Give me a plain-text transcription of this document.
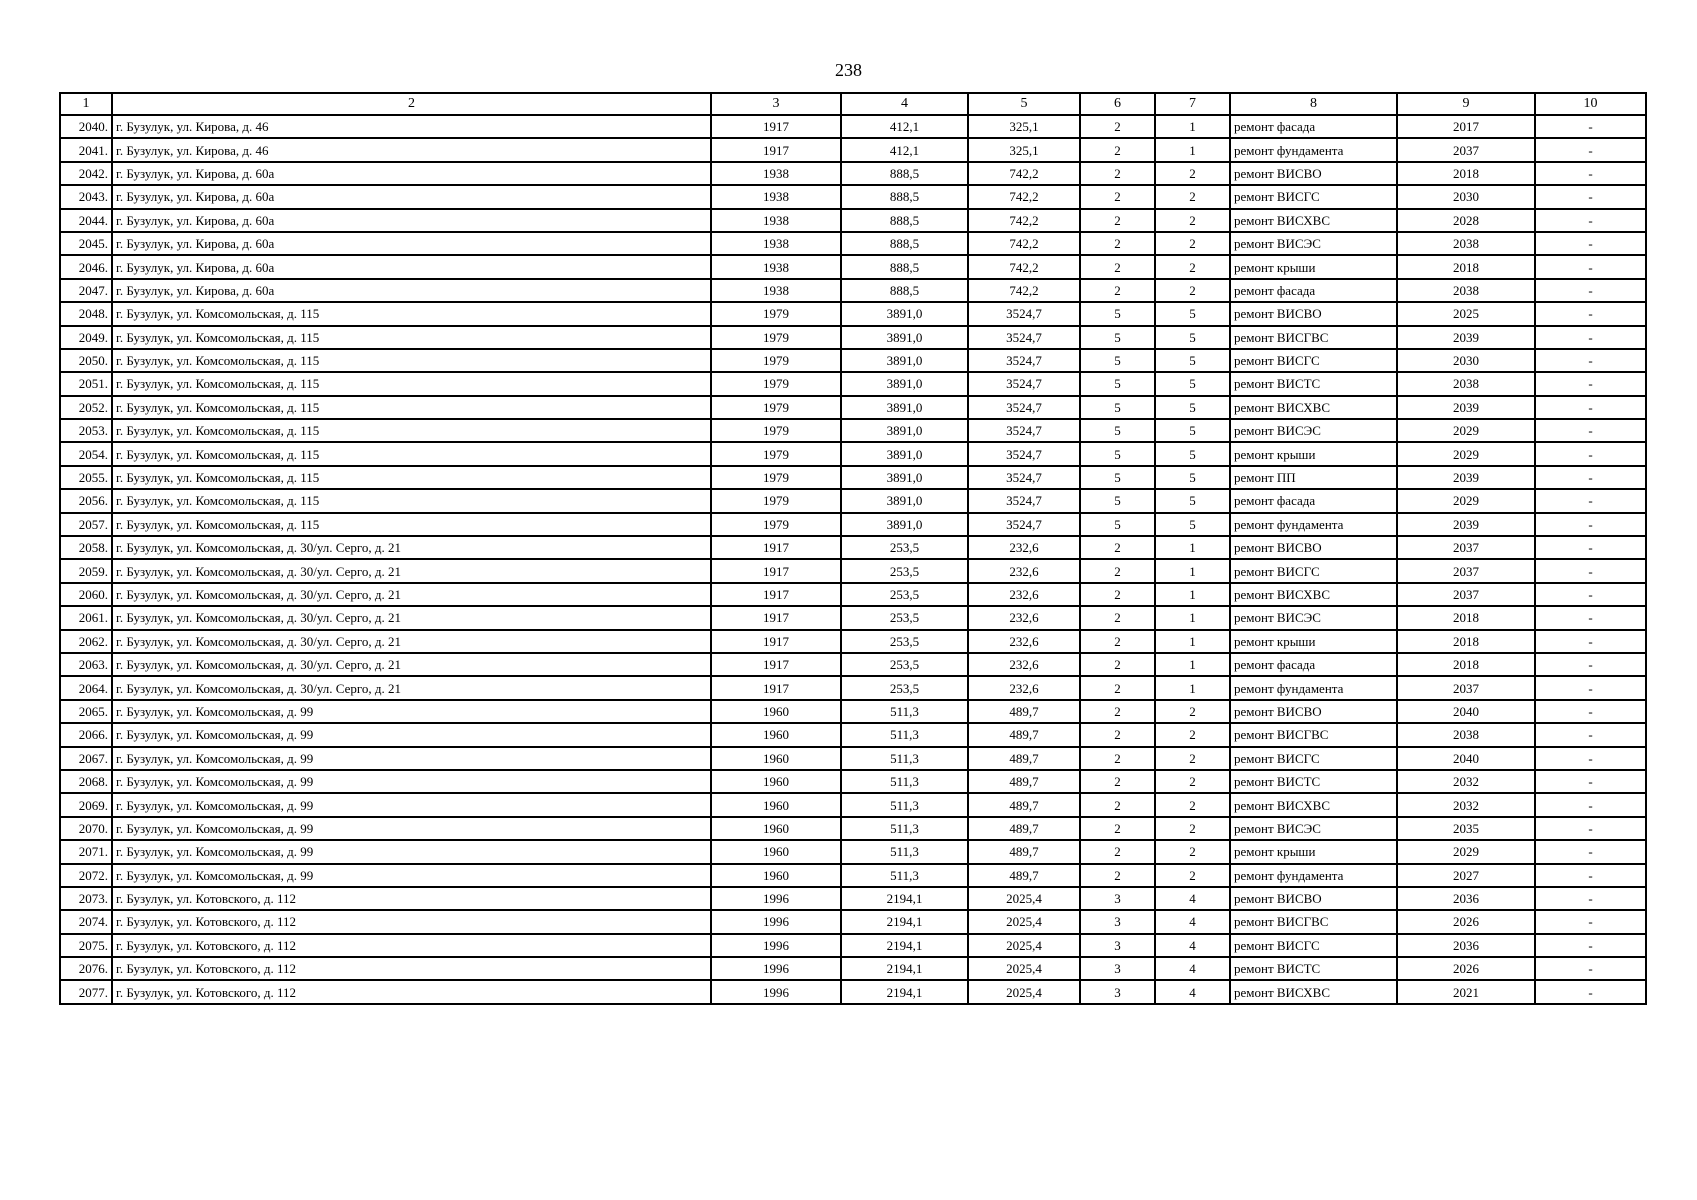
238
1	2	3	4	5	6	7	8	9	10
2040.	г. Бузулук, ул. Кирова, д. 46	1917	412,1	325,1	2	1	ремонт фасада	2017	-
2041.	г. Бузулук, ул. Кирова, д. 46	1917	412,1	325,1	2	1	ремонт фундамента	2037	-
2042.	г. Бузулук, ул. Кирова, д. 60а	1938	888,5	742,2	2	2	ремонт ВИСВО	2018	-
2043.	г. Бузулук, ул. Кирова, д. 60а	1938	888,5	742,2	2	2	ремонт ВИСГС	2030	-
2044.	г. Бузулук, ул. Кирова, д. 60а	1938	888,5	742,2	2	2	ремонт ВИСХВС	2028	-
2045.	г. Бузулук, ул. Кирова, д. 60а	1938	888,5	742,2	2	2	ремонт ВИСЭС	2038	-
2046.	г. Бузулук, ул. Кирова, д. 60а	1938	888,5	742,2	2	2	ремонт крыши	2018	-
2047.	г. Бузулук, ул. Кирова, д. 60а	1938	888,5	742,2	2	2	ремонт фасада	2038	-
2048.	г. Бузулук, ул. Комсомольская, д. 115	1979	3891,0	3524,7	5	5	ремонт ВИСВО	2025	-
2049.	г. Бузулук, ул. Комсомольская, д. 115	1979	3891,0	3524,7	5	5	ремонт ВИСГВС	2039	-
2050.	г. Бузулук, ул. Комсомольская, д. 115	1979	3891,0	3524,7	5	5	ремонт ВИСГС	2030	-
2051.	г. Бузулук, ул. Комсомольская, д. 115	1979	3891,0	3524,7	5	5	ремонт ВИСТС	2038	-
2052.	г. Бузулук, ул. Комсомольская, д. 115	1979	3891,0	3524,7	5	5	ремонт ВИСХВС	2039	-
2053.	г. Бузулук, ул. Комсомольская, д. 115	1979	3891,0	3524,7	5	5	ремонт ВИСЭС	2029	-
2054.	г. Бузулук, ул. Комсомольская, д. 115	1979	3891,0	3524,7	5	5	ремонт крыши	2029	-
2055.	г. Бузулук, ул. Комсомольская, д. 115	1979	3891,0	3524,7	5	5	ремонт ПП	2039	-
2056.	г. Бузулук, ул. Комсомольская, д. 115	1979	3891,0	3524,7	5	5	ремонт фасада	2029	-
2057.	г. Бузулук, ул. Комсомольская, д. 115	1979	3891,0	3524,7	5	5	ремонт фундамента	2039	-
2058.	г. Бузулук, ул. Комсомольская, д. 30/ул. Серго, д. 21	1917	253,5	232,6	2	1	ремонт ВИСВО	2037	-
2059.	г. Бузулук, ул. Комсомольская, д. 30/ул. Серго, д. 21	1917	253,5	232,6	2	1	ремонт ВИСГС	2037	-
2060.	г. Бузулук, ул. Комсомольская, д. 30/ул. Серго, д. 21	1917	253,5	232,6	2	1	ремонт ВИСХВС	2037	-
2061.	г. Бузулук, ул. Комсомольская, д. 30/ул. Серго, д. 21	1917	253,5	232,6	2	1	ремонт ВИСЭС	2018	-
2062.	г. Бузулук, ул. Комсомольская, д. 30/ул. Серго, д. 21	1917	253,5	232,6	2	1	ремонт крыши	2018	-
2063.	г. Бузулук, ул. Комсомольская, д. 30/ул. Серго, д. 21	1917	253,5	232,6	2	1	ремонт фасада	2018	-
2064.	г. Бузулук, ул. Комсомольская, д. 30/ул. Серго, д. 21	1917	253,5	232,6	2	1	ремонт фундамента	2037	-
2065.	г. Бузулук, ул. Комсомольская, д. 99	1960	511,3	489,7	2	2	ремонт ВИСВО	2040	-
2066.	г. Бузулук, ул. Комсомольская, д. 99	1960	511,3	489,7	2	2	ремонт ВИСГВС	2038	-
2067.	г. Бузулук, ул. Комсомольская, д. 99	1960	511,3	489,7	2	2	ремонт ВИСГС	2040	-
2068.	г. Бузулук, ул. Комсомольская, д. 99	1960	511,3	489,7	2	2	ремонт ВИСТС	2032	-
2069.	г. Бузулук, ул. Комсомольская, д. 99	1960	511,3	489,7	2	2	ремонт ВИСХВС	2032	-
2070.	г. Бузулук, ул. Комсомольская, д. 99	1960	511,3	489,7	2	2	ремонт ВИСЭС	2035	-
2071.	г. Бузулук, ул. Комсомольская, д. 99	1960	511,3	489,7	2	2	ремонт крыши	2029	-
2072.	г. Бузулук, ул. Комсомольская, д. 99	1960	511,3	489,7	2	2	ремонт фундамента	2027	-
2073.	г. Бузулук, ул. Котовского, д. 112	1996	2194,1	2025,4	3	4	ремонт ВИСВО	2036	-
2074.	г. Бузулук, ул. Котовского, д. 112	1996	2194,1	2025,4	3	4	ремонт ВИСГВС	2026	-
2075.	г. Бузулук, ул. Котовского, д. 112	1996	2194,1	2025,4	3	4	ремонт ВИСГС	2036	-
2076.	г. Бузулук, ул. Котовского, д. 112	1996	2194,1	2025,4	3	4	ремонт ВИСТС	2026	-
2077.	г. Бузулук, ул. Котовского, д. 112	1996	2194,1	2025,4	3	4	ремонт ВИСХВС	2021	-
